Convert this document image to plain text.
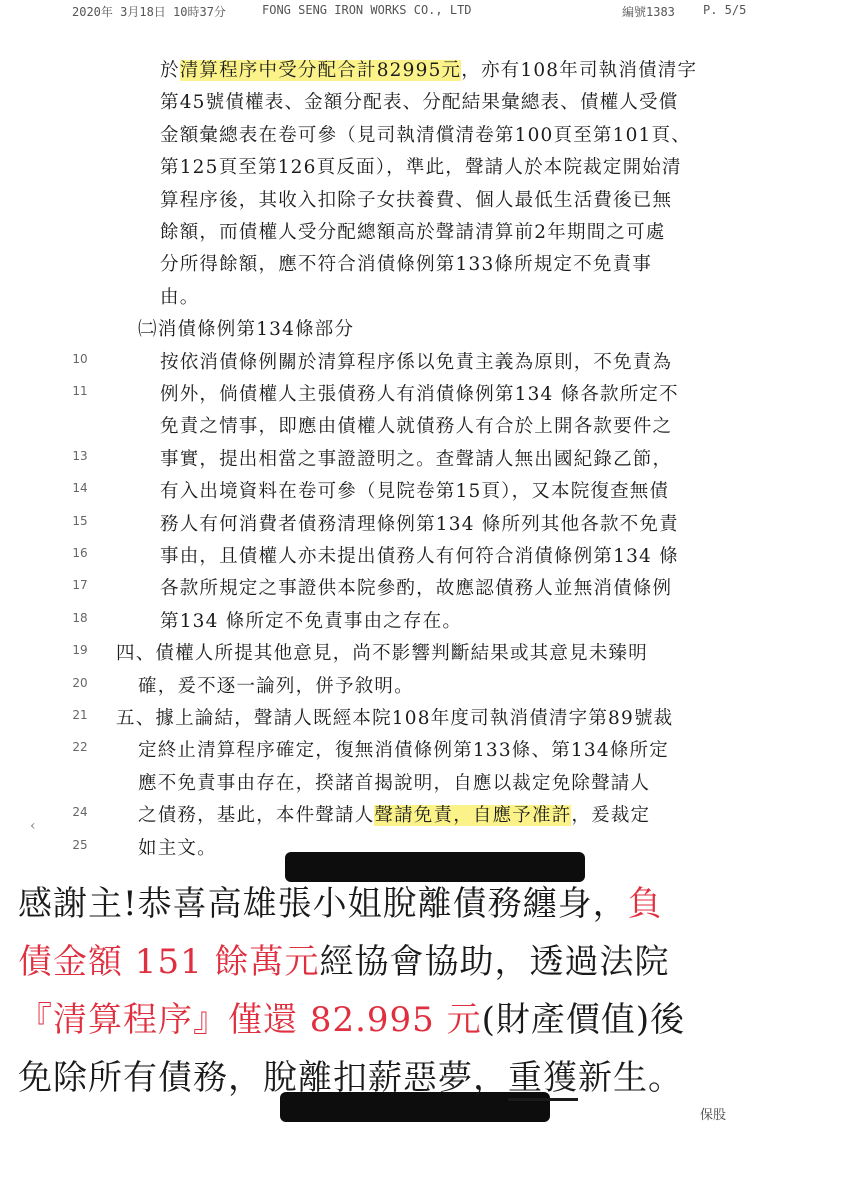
2020年 3月18日 10時37分	FONG SENG IRON WORKS CO., LTD	編號1383 P. 5/5
於清算程序中受分配合計82995元，亦有108年司執消債清字
第45號債權表、金額分配表、分配結果彙總表、債權人受償
金額彙總表在卷可參（見司執清償清卷第100頁至第101頁、
第125頁至第126頁反面），準此，聲請人於本院裁定開始清
算程序後，其收入扣除子女扶養費、個人最低生活費後已無
餘額，而債權人受分配總額高於聲請清算前2年期間之可處
分所得餘額，應不符合消債條例第133條所規定不免責事
由。
㈡消債條例第134條部分
按依消債條例關於清算程序係以免責主義為原則，不免責為
10
例外，倘債權人主張債務人有消債條例第134 條各款所定不
11
免責之情事，即應由債權人就債務人有合於上開各款要件之
事實，提出相當之事證證明之。查聲請人無出國紀錄乙節，
13
有入出境資料在卷可參（見院卷第15頁），又本院復查無債
14
務人有何消費者債務清理條例第134 條所列其他各款不免責
15
事由，且債權人亦未提出債務人有何符合消債條例第134 條
16
各款所規定之事證供本院參酌，故應認債務人並無消債條例
17
第134 條所定不免責事由之存在。
18
四、債權人所提其他意見，尚不影響判斷結果或其意見未臻明
19
確，爰不逐一論列，併予敘明。
20
五、據上論結，聲請人既經本院108年度司執消債清字第89號裁
21
定終止清算程序確定，復無消債條例第133條、第134條所定
22
應不免責事由存在，揆諸首揭說明，自應以裁定免除聲請人
之債務，基此，本件聲請人聲請免責，自應予准許，爰裁定
24
如主文。
25
‹
感謝主!恭喜高雄張小姐脫離債務纏身，負
債金額 151 餘萬元經協會協助，透過法院
『清算程序』僅還 82.995 元(財產價值)後
免除所有債務，脫離扣薪惡夢，重獲新生。
保股
